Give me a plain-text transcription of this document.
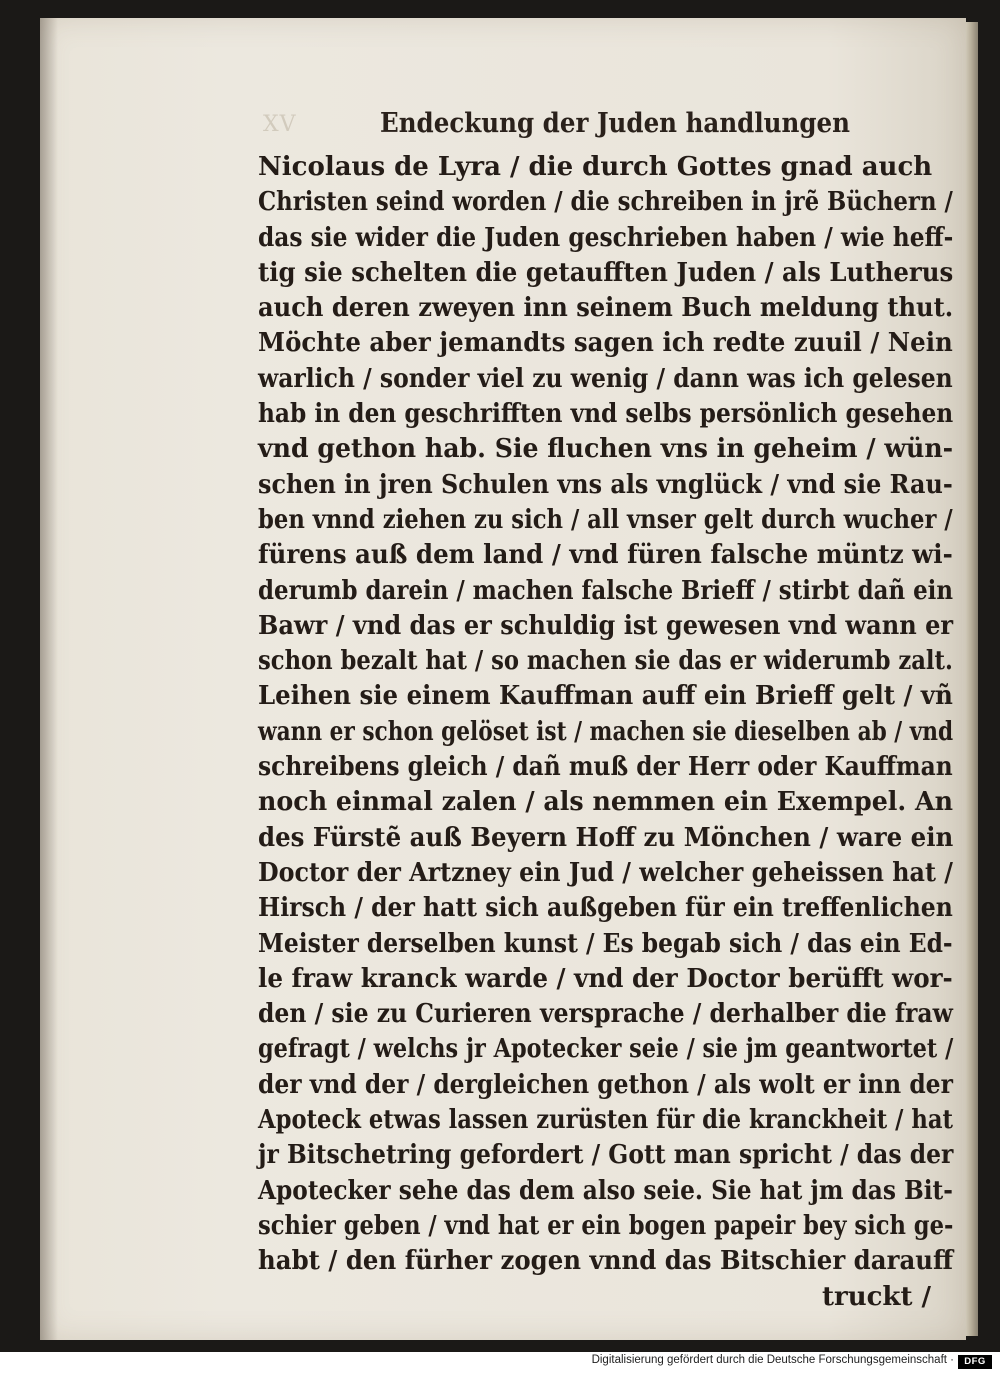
XV	Endeckung der Juden handlungen
Nicolaus de Lyra / die durch Gottes gnad auch
Christen seind worden / die schreiben in jrẽ Büchern /
das sie wider die Juden geschrieben haben / wie heff-
tig sie schelten die getaufften Juden / als Lutherus
auch deren zweyen inn seinem Buch meldung thut.
Möchte aber jemandts sagen ich redte zuuil / Nein
warlich / sonder viel zu wenig / dann was ich gelesen
hab in den geschrifften vnd selbs persönlich gesehen
vnd gethon hab. Sie fluchen vns in geheim / wün-
schen in jren Schulen vns als vnglück / vnd sie Rau-
ben vnnd ziehen zu sich / all vnser gelt durch wucher /
fürens auß dem land / vnd füren falsche müntz wi-
derumb darein / machen falsche Brieff / stirbt dañ ein
Bawr / vnd das er schuldig ist gewesen vnd wann er
schon bezalt hat / so machen sie das er widerumb zalt.
Leihen sie einem Kauffman auff ein Brieff gelt / vñ
wann er schon gelöset ist / machen sie dieselben ab / vnd
schreibens gleich / dañ muß der Herr oder Kauffman
noch einmal zalen / als nemmen ein Exempel. An
des Fürstẽ auß Beyern Hoff zu Mönchen / ware ein
Doctor der Artzney ein Jud / welcher geheissen hat /
Hirsch / der hatt sich außgeben für ein treffenlichen
Meister derselben kunst / Es begab sich / das ein Ed-
le fraw kranck warde / vnd der Doctor berüfft wor-
den / sie zu Curieren versprache / derhalber die fraw
gefragt / welchs jr Apotecker seie / sie jm geantwortet /
der vnd der / dergleichen gethon / als wolt er inn der
Apoteck etwas lassen zurüsten für die kranckheit / hat
jr Bitschetring gefordert / Gott man spricht / das der
Apotecker sehe das dem also seie. Sie hat jm das Bit-
schier geben / vnd hat er ein bogen papeir bey sich ge-
habt / den fürher zogen vnnd das Bitschier darauff
truckt /
Digitalisierung gefördert durch die Deutsche Forschungsgemeinschaft ·	DFG
